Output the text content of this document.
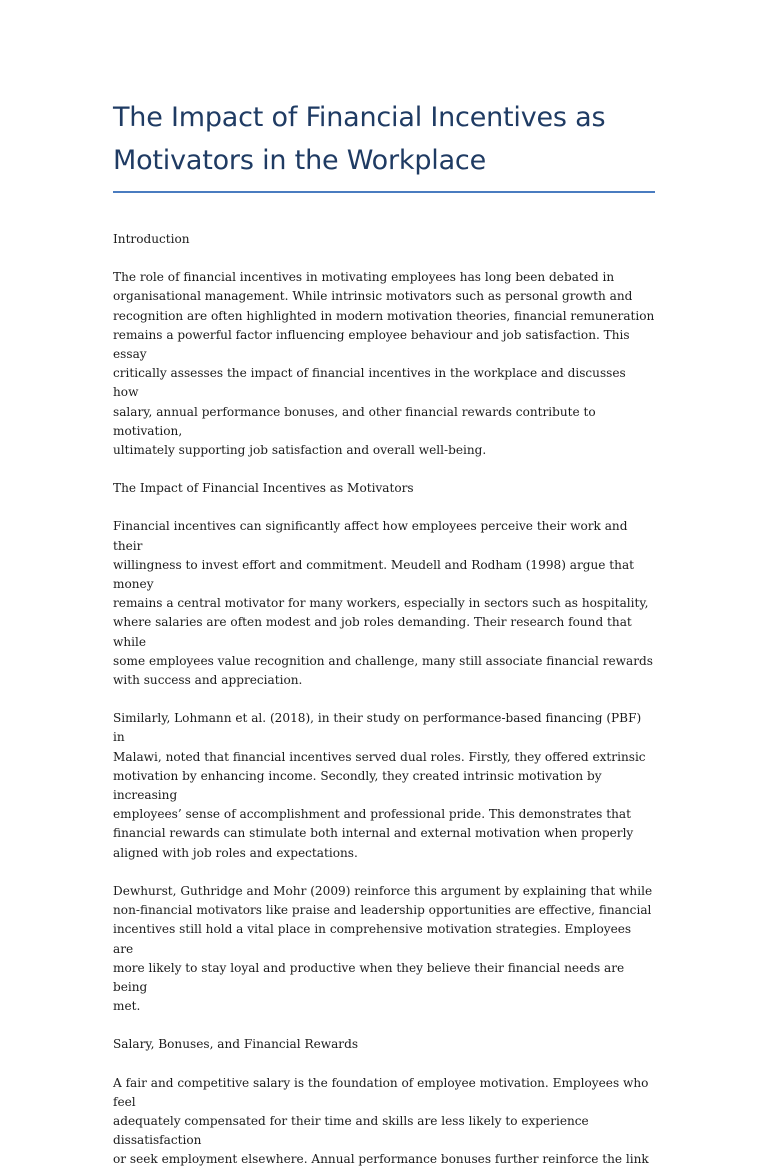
The Impact of Financial Incentives as
Motivators in the Workplace

Introduction

The role of financial incentives in motivating employees has long been debated in
organisational management. While intrinsic motivators such as personal growth and
recognition are often highlighted in modern motivation theories, financial remuneration
remains a powerful factor influencing employee behaviour and job satisfaction. This essay
critically assesses the impact of financial incentives in the workplace and discusses how
salary, annual performance bonuses, and other financial rewards contribute to motivation,
ultimately supporting job satisfaction and overall well-being.

The Impact of Financial Incentives as Motivators

Financial incentives can significantly affect how employees perceive their work and their
willingness to invest effort and commitment. Meudell and Rodham (1998) argue that money
remains a central motivator for many workers, especially in sectors such as hospitality,
where salaries are often modest and job roles demanding. Their research found that while
some employees value recognition and challenge, many still associate financial rewards
with success and appreciation.

Similarly, Lohmann et al. (2018), in their study on performance-based financing (PBF) in
Malawi, noted that financial incentives served dual roles. Firstly, they offered extrinsic
motivation by enhancing income. Secondly, they created intrinsic motivation by increasing
employees’ sense of accomplishment and professional pride. This demonstrates that
financial rewards can stimulate both internal and external motivation when properly
aligned with job roles and expectations.

Dewhurst, Guthridge and Mohr (2009) reinforce this argument by explaining that while
non-financial motivators like praise and leadership opportunities are effective, financial
incentives still hold a vital place in comprehensive motivation strategies. Employees are
more likely to stay loyal and productive when they believe their financial needs are being
met.

Salary, Bonuses, and Financial Rewards

A fair and competitive salary is the foundation of employee motivation. Employees who feel
adequately compensated for their time and skills are less likely to experience dissatisfaction
or seek employment elsewhere. Annual performance bonuses further reinforce the link
